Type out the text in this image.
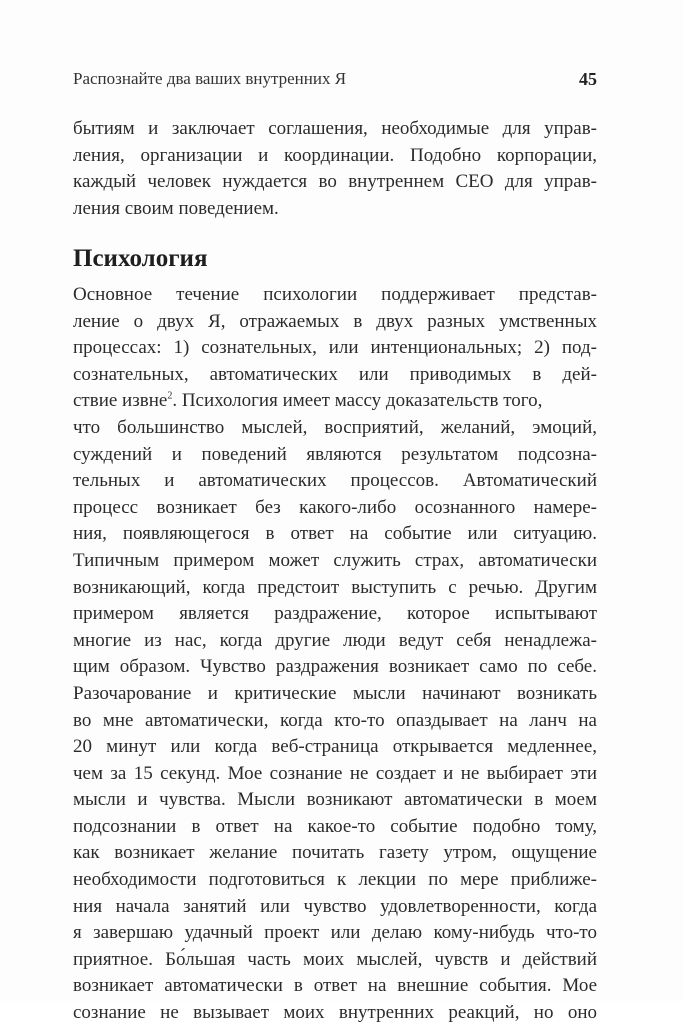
Распознайте два ваших внутренних Я	45
бытиям и заключает соглашения, необходимые для управ-
ления, организации и координации. Подобно корпорации,
каждый человек нуждается во внутреннем СЕО для управ-
ления своим поведением.
Психология
Основное течение психологии поддерживает представ-
ление о двух Я, отражаемых в двух разных умственных
процессах: 1) сознательных, или интенциональных; 2) под-
сознательных, автоматических или приводимых в дей-
ствие извне$^2$. Психология имеет массу доказательств того,
что большинство мыслей, восприятий, желаний, эмоций,
суждений и поведений являются результатом подсозна-
тельных и автоматических процессов. Автоматический
процесс возникает без какого-либо осознанного намере-
ния, появляющегося в ответ на событие или ситуацию.
Типичным примером может служить страх, автоматически
возникающий, когда предстоит выступить с речью. Другим
примером является раздражение, которое испытывают
многие из нас, когда другие люди ведут себя ненадлежа-
щим образом. Чувство раздражения возникает само по себе.
Разочарование и критические мысли начинают возникать
во мне автоматически, когда кто-то опаздывает на ланч на
20 минут или когда веб-страница открывается медленнее,
чем за 15 секунд. Мое сознание не создает и не выбирает эти
мысли и чувства. Мысли возникают автоматически в моем
подсознании в ответ на какое-то событие подобно тому,
как возникает желание почитать газету утром, ощущение
необходимости подготовиться к лекции по мере приближе-
ния начала занятий или чувство удовлетворенности, когда
я завершаю удачный проект или делаю кому-нибудь что-то
приятное. Бо́льшая часть моих мыслей, чувств и действий
возникает автоматически в ответ на внешние события. Мое
сознание не вызывает моих внутренних реакций, но оно
